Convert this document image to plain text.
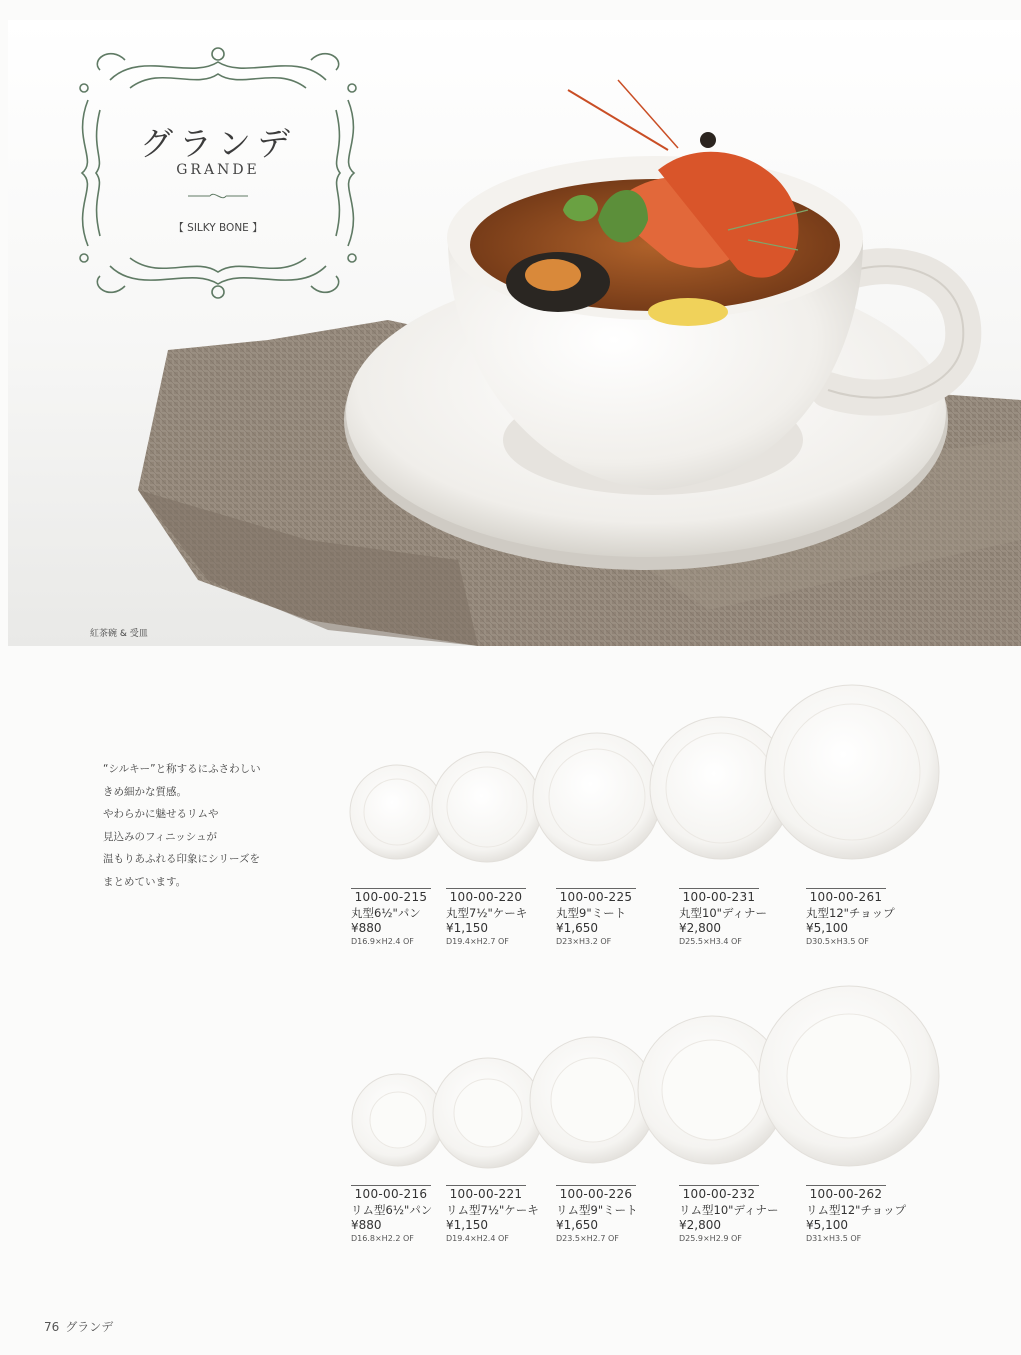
グランデ
GRANDE
【 SILKY BONE 】
紅茶碗 & 受皿
“シルキー”と称するにふさわしい
きめ細かな質感。
やわらかに魅せるリムや
見込みのフィニッシュが
温もりあふれる印象にシリーズを
まとめています。
100-00-215
丸型6½"パン
¥880
D16.9×H2.4 OF
100-00-220
丸型7½"ケーキ
¥1,150
D19.4×H2.7 OF
100-00-225
丸型9"ミート
¥1,650
D23×H3.2 OF
100-00-231
丸型10"ディナー
¥2,800
D25.5×H3.4 OF
100-00-261
丸型12"チョップ
¥5,100
D30.5×H3.5 OF
100-00-216
リム型6½"パン
¥880
D16.8×H2.2 OF
100-00-221
リム型7½"ケーキ
¥1,150
D19.4×H2.4 OF
100-00-226
リム型9"ミート
¥1,650
D23.5×H2.7 OF
100-00-232
リム型10"ディナー
¥2,800
D25.9×H2.9 OF
100-00-262
リム型12"チョップ
¥5,100
D31×H3.5 OF
76 グランデ
